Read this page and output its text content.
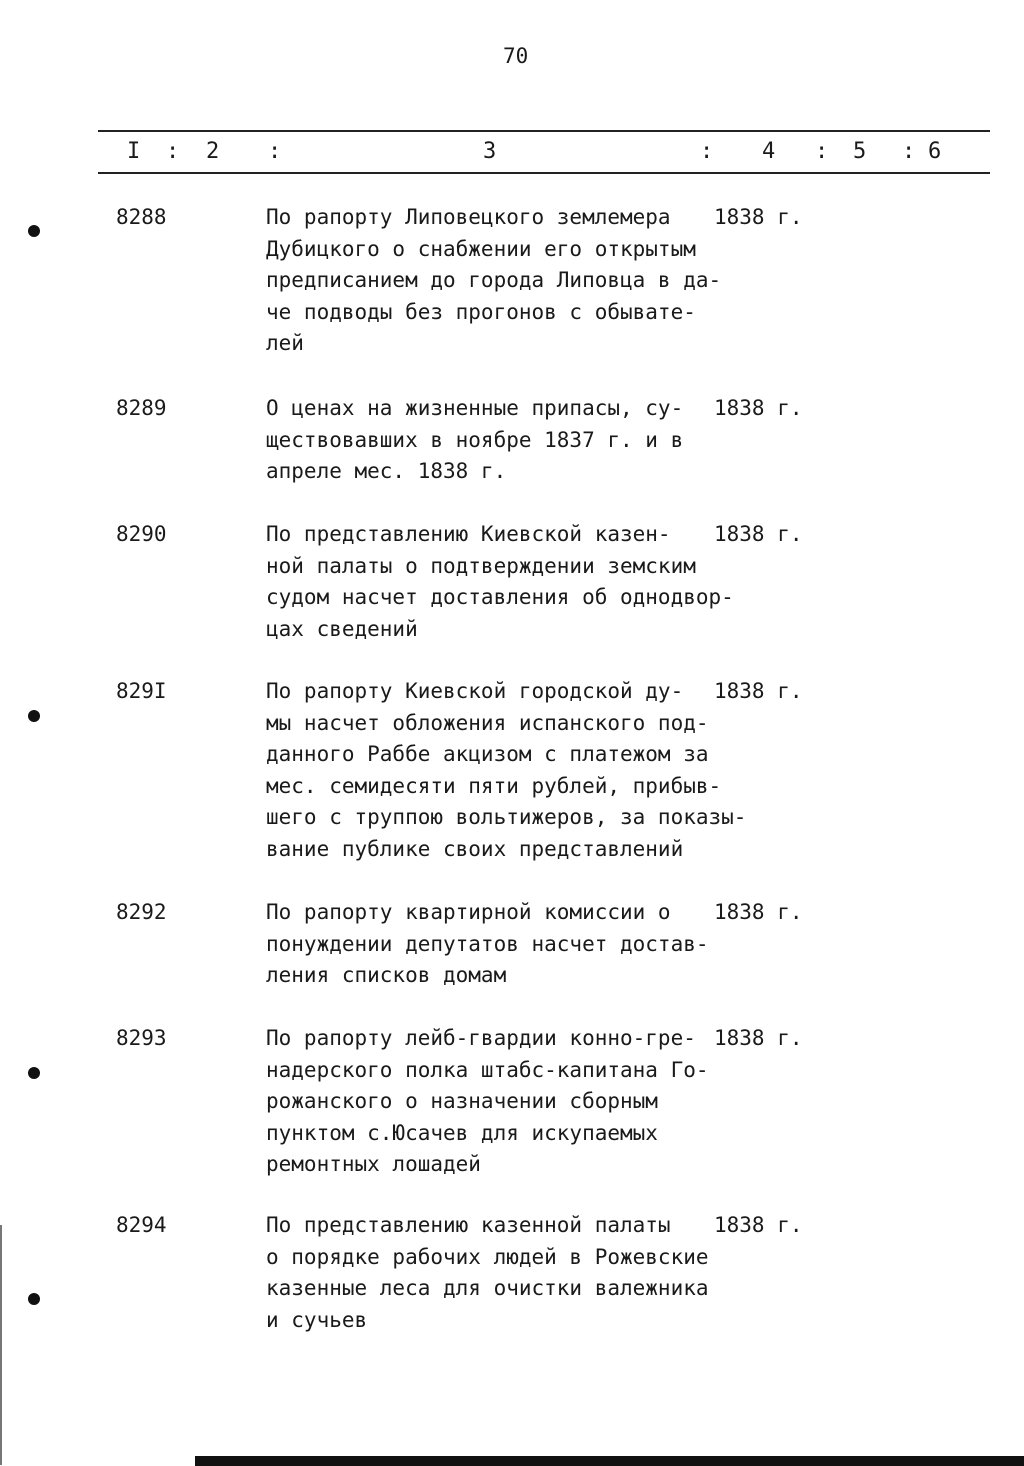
70
I : 2 :	3	: 4 : 5 : 6
8288	По рапорту Липовецкого землемера
Дубицкого о снабжении его открытым
предписанием до города Липовца в да-
че подводы без прогонов с обывате-
лей
1838 г.
8289	О ценах на жизненные припасы, су-
ществовавших в ноябре 1837 г. и в
апреле мес. 1838 г.
1838 г.
8290	По представлению Киевской казен-
ной палаты о подтверждении земским
судом насчет доставления об однодвор-
цах сведений
1838 г.
829I	По рапорту Киевской городской ду-
мы насчет обложения испанского под-
данного Раббе акцизом с платежом за
мес. семидесяти пяти рублей, прибыв-
шего с труппою вольтижеров, за показы-
вание публике своих представлений
1838 г.
8292	По рапорту квартирной комиссии о
понуждении депутатов насчет достав-
ления списков домам
1838 г.
8293	По рапорту лейб-гвардии конно-гре-
надерского полка штабс-капитана Го-
рожанского о назначении сборным
пунктом с.Юсачев для искупаемых
ремонтных лошадей
1838 г.
8294	По представлению казенной палаты
о порядке рабочих людей в Рожевские
казенные леса для очистки валежника
и сучьев
1838 г.
